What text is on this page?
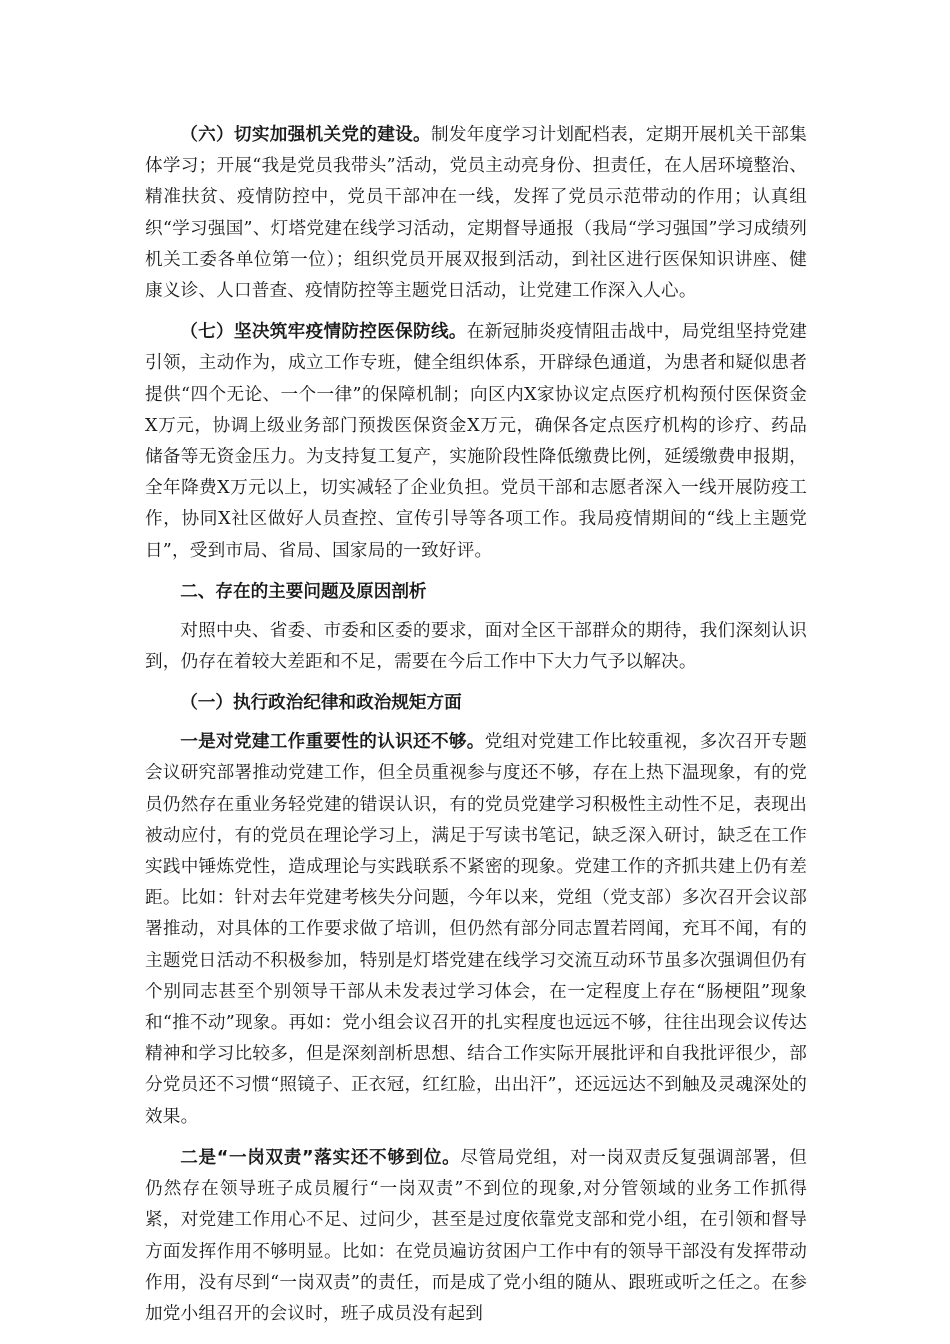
（六）切实加强机关党的建设。制发年度学习计划配档表，定期开展机关干部集体学习；开展“我是党员我带头”活动，党员主动亮身份、担责任，在人居环境整治、精准扶贫、疫情防控中，党员干部冲在一线，发挥了党员示范带动的作用；认真组织“学习强国”、灯塔党建在线学习活动，定期督导通报（我局“学习强国”学习成绩列机关工委各单位第一位）；组织党员开展双报到活动，到社区进行医保知识讲座、健康义诊、人口普查、疫情防控等主题党日活动，让党建工作深入人心。

（七）坚决筑牢疫情防控医保防线。在新冠肺炎疫情阻击战中，局党组坚持党建引领，主动作为，成立工作专班，健全组织体系，开辟绿色通道，为患者和疑似患者提供“四个无论、一个一律”的保障机制；向区内X家协议定点医疗机构预付医保资金X万元，协调上级业务部门预拨医保资金X万元，确保各定点医疗机构的诊疗、药品储备等无资金压力。为支持复工复产，实施阶段性降低缴费比例，延缓缴费申报期，全年降费X万元以上，切实减轻了企业负担。党员干部和志愿者深入一线开展防疫工作，协同X社区做好人员查控、宣传引导等各项工作。我局疫情期间的“线上主题党日”，受到市局、省局、国家局的一致好评。

二、存在的主要问题及原因剖析

对照中央、省委、市委和区委的要求，面对全区干部群众的期待，我们深刻认识到，仍存在着较大差距和不足，需要在今后工作中下大力气予以解决。

（一）执行政治纪律和政治规矩方面

一是对党建工作重要性的认识还不够。党组对党建工作比较重视，多次召开专题会议研究部署推动党建工作，但全员重视参与度还不够，存在上热下温现象，有的党员仍然存在重业务轻党建的错误认识，有的党员党建学习积极性主动性不足，表现出被动应付，有的党员在理论学习上，满足于写读书笔记，缺乏深入研讨，缺乏在工作实践中锤炼党性，造成理论与实践联系不紧密的现象。党建工作的齐抓共建上仍有差距。比如：针对去年党建考核失分问题，今年以来，党组（党支部）多次召开会议部署推动，对具体的工作要求做了培训，但仍然有部分同志置若罔闻，充耳不闻，有的主题党日活动不积极参加，特别是灯塔党建在线学习交流互动环节虽多次强调但仍有个别同志甚至个别领导干部从未发表过学习体会，在一定程度上存在“肠梗阻”现象和“推不动”现象。再如：党小组会议召开的扎实程度也远远不够，往往出现会议传达精神和学习比较多，但是深刻剖析思想、结合工作实际开展批评和自我批评很少，部分党员还不习惯“照镜子、正衣冠，红红脸，出出汗”，还远远达不到触及灵魂深处的效果。

二是“一岗双责”落实还不够到位。尽管局党组，对一岗双责反复强调部署，但仍然存在领导班子成员履行“一岗双责”不到位的现象,对分管领域的业务工作抓得紧，对党建工作用心不足、过问少，甚至是过度依靠党支部和党小组，在引领和督导方面发挥作用不够明显。比如：在党员遍访贫困户工作中有的领导干部没有发挥带动作用，没有尽到“一岗双责”的责任，而是成了党小组的随从、跟班或听之任之。在参加党小组召开的会议时，班子成员没有起到
